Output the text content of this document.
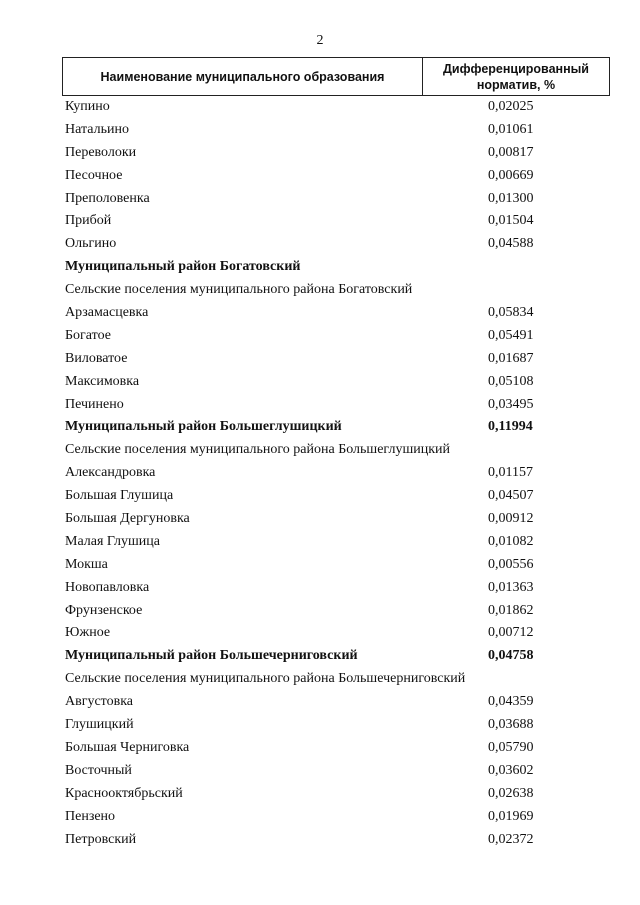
2
Наименование муниципального образования
Дифференцированный
норматив, %
Купино	0,02025
Натальино	0,01061
Переволоки	0,00817
Песочное	0,00669
Преполовенка	0,01300
Прибой	0,01504
Ольгино	0,04588
Муниципальный район Богатовский
Сельские поселения муниципального района Богатовский
Арзамасцевка	0,05834
Богатое	0,05491
Виловатое	0,01687
Максимовка	0,05108
Печинено	0,03495
Муниципальный район Большеглушицкий	0,11994
Сельские поселения муниципального района Большеглушицкий
Александровка	0,01157
Большая Глушица	0,04507
Большая Дергуновка	0,00912
Малая Глушица	0,01082
Мокша	0,00556
Новопавловка	0,01363
Фрунзенское	0,01862
Южное	0,00712
Муниципальный район Большечерниговский	0,04758
Сельские поселения муниципального района Большечерниговский
Августовка	0,04359
Глушицкий	0,03688
Большая Черниговка	0,05790
Восточный	0,03602
Краснооктябрьский	0,02638
Пензено	0,01969
Петровский	0,02372
